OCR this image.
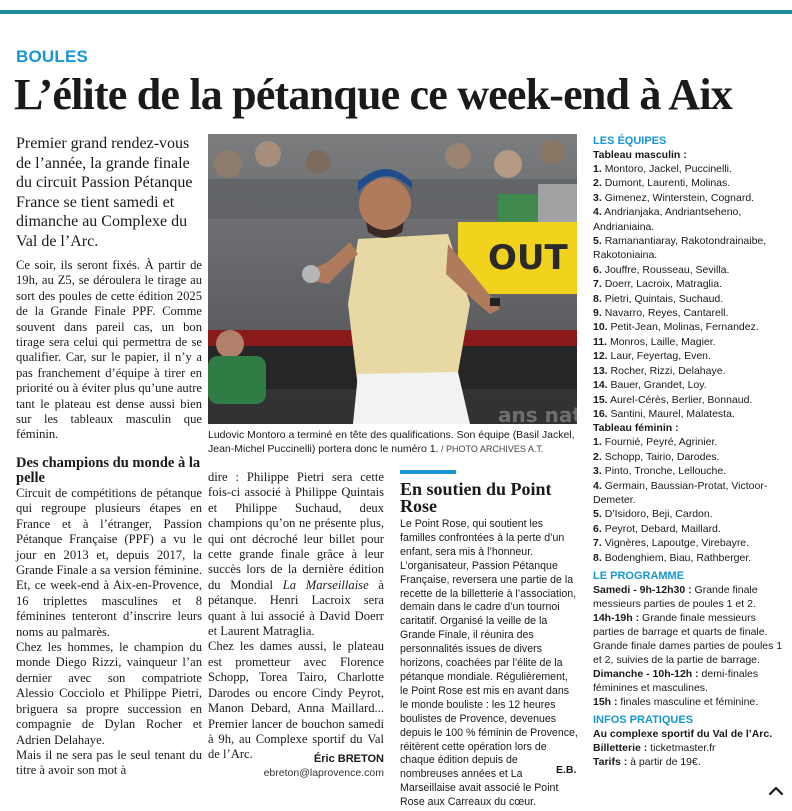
BOULES
L’élite de la pétanque ce week-end à Aix

Premier grand rendez-vous de l’année, la grande finale du circuit Passion Pétanque France se tient samedi et dimanche au Complexe du Val de l’Arc.

Ce soir, ils seront fixés. À partir de 19h, au Z5, se déroulera le tirage au sort des poules de cette édition 2025 de la Grande Finale PPF. Comme souvent dans pareil cas, un bon tirage sera celui qui permettra de se qualifier. Car, sur le papier, il n’y a pas franchement d’équipe à tirer en priorité ou à éviter plus qu’une autre tant le plateau est dense aussi bien sur les tableaux masculin que féminin.

Des champions du monde à la pelle

Circuit de compétitions de pétanque qui regroupe plusieurs étapes en France et à l’étranger, Passion Pétanque Française (PPF) a vu le jour en 2013 et, depuis 2017, la Grande Finale a sa version féminine. Et, ce week-end à Aix-en-Provence, 16 triplettes masculines et 8 féminines tenteront d’inscrire leurs noms au palmarès.

Chez les hommes, le champion du monde Diego Rizzi, vainqueur l’an dernier avec son compatriote Alessio Cocciolo et Philippe Pietri, briguera sa propre succession en compagnie de Dylan Rocher et Adrien Delahaye.

Mais il ne sera pas le seul tenant du titre à avoir son mot à

dire : Philippe Pietri sera cette fois-ci associé à Philippe Quintais et Philippe Suchaud, deux champions qu’on ne présente plus, qui ont décroché leur billet pour cette grande finale grâce à leur succès lors de la dernière édition du Mondial La Marseillaise à pétanque. Henri Lacroix sera quant à lui associé à David Doerr et Laurent Matraglia.

Chez les dames aussi, le plateau est prometteur avec Florence Schopp, Torea Tairo, Charlotte Darodes ou encore Cindy Peyrot, Manon Debard, Anna Maillard... Premier lancer de bouchon samedi à 9h, au Complexe sportif du Val de l’Arc.	Éric BRETON
ebreton@laprovence.com
OUT
Ludovic Montoro a terminé en tête des qualifications. Son équipe (Basil Jackel, Jean-Michel Puccinelli) portera donc le numéro 1. / PHOTO ARCHIVES A.T.
En soutien du Point Rose

Le Point Rose, qui soutient les familles confrontées à la perte d’un enfant, sera mis à l’honneur. L’organisateur, Passion Pétanque Française, reversera une partie de la recette de la billetterie à l’association, demain dans le cadre d’un tournoi caritatif. Organisé la veille de la Grande Finale, il réunira des personnalités issues de divers horizons, coachées par l’élite de la pétanque mondiale. Régulièrement, le Point Rose est mis en avant dans le monde bouliste : les 12 heures boulistes de Provence, devenues depuis le 100 % féminin de Provence, réitèrent cette opération lors de chaque édition depuis de nombreuses années et La Marseillaise avait associé le Point Rose aux Carreaux du cœur.

E.B.
LES ÉQUIPES
Tableau masculin :
1. Montoro, Jackel, Puccinelli.
2. Dumont, Laurenti, Molinas.
3. Gimenez, Winterstein, Cognard.
4. Andrianjaka, Andriantseheno, Andrianiaina.
5. Ramanantiaray, Rakotondrainaibe, Rakotoniaina.
6. Jouffre, Rousseau, Sevilla.
7. Doerr, Lacroix, Matraglia.
8. Pietri, Quintais, Suchaud.
9. Navarro, Reyes, Cantarell.
10. Petit-Jean, Molinas, Fernandez.
11. Monros, Laille, Magier.
12. Laur, Feyertag, Even.
13. Rocher, Rizzi, Delahaye.
14. Bauer, Grandet, Loy.
15. Aurel-Cérès, Berlier, Bonnaud.
16. Santini, Maurel, Malatesta.
Tableau féminin :
1. Fournié, Peyré, Agrinier.
2. Schopp, Tairio, Darodes.
3. Pinto, Tronche, Lellouche.
4. Germain, Baussian-Protat, Victoor-Demeter.
5. D’Isidoro, Beji, Cardon.
6. Peyrot, Debard, Maillard.
7. Vignères, Lapoutge, Virebayre.
8. Bodenghiem, Biau, Rathberger.
LE PROGRAMME
Samedi - 9h-12h30 : Grande finale messieurs parties de poules 1 et 2.
14h-19h : Grande finale messieurs parties de barrage et quarts de finale. Grande finale dames parties de poules 1 et 2, suivies de la partie de barrage.
Dimanche - 10h-12h : demi-finales féminines et masculines.
15h : finales masculine et féminine.
INFOS PRATIQUES
Au complexe sportif du Val de l’Arc.
Billetterie : ticketmaster.fr
Tarifs : à partir de 19€.
